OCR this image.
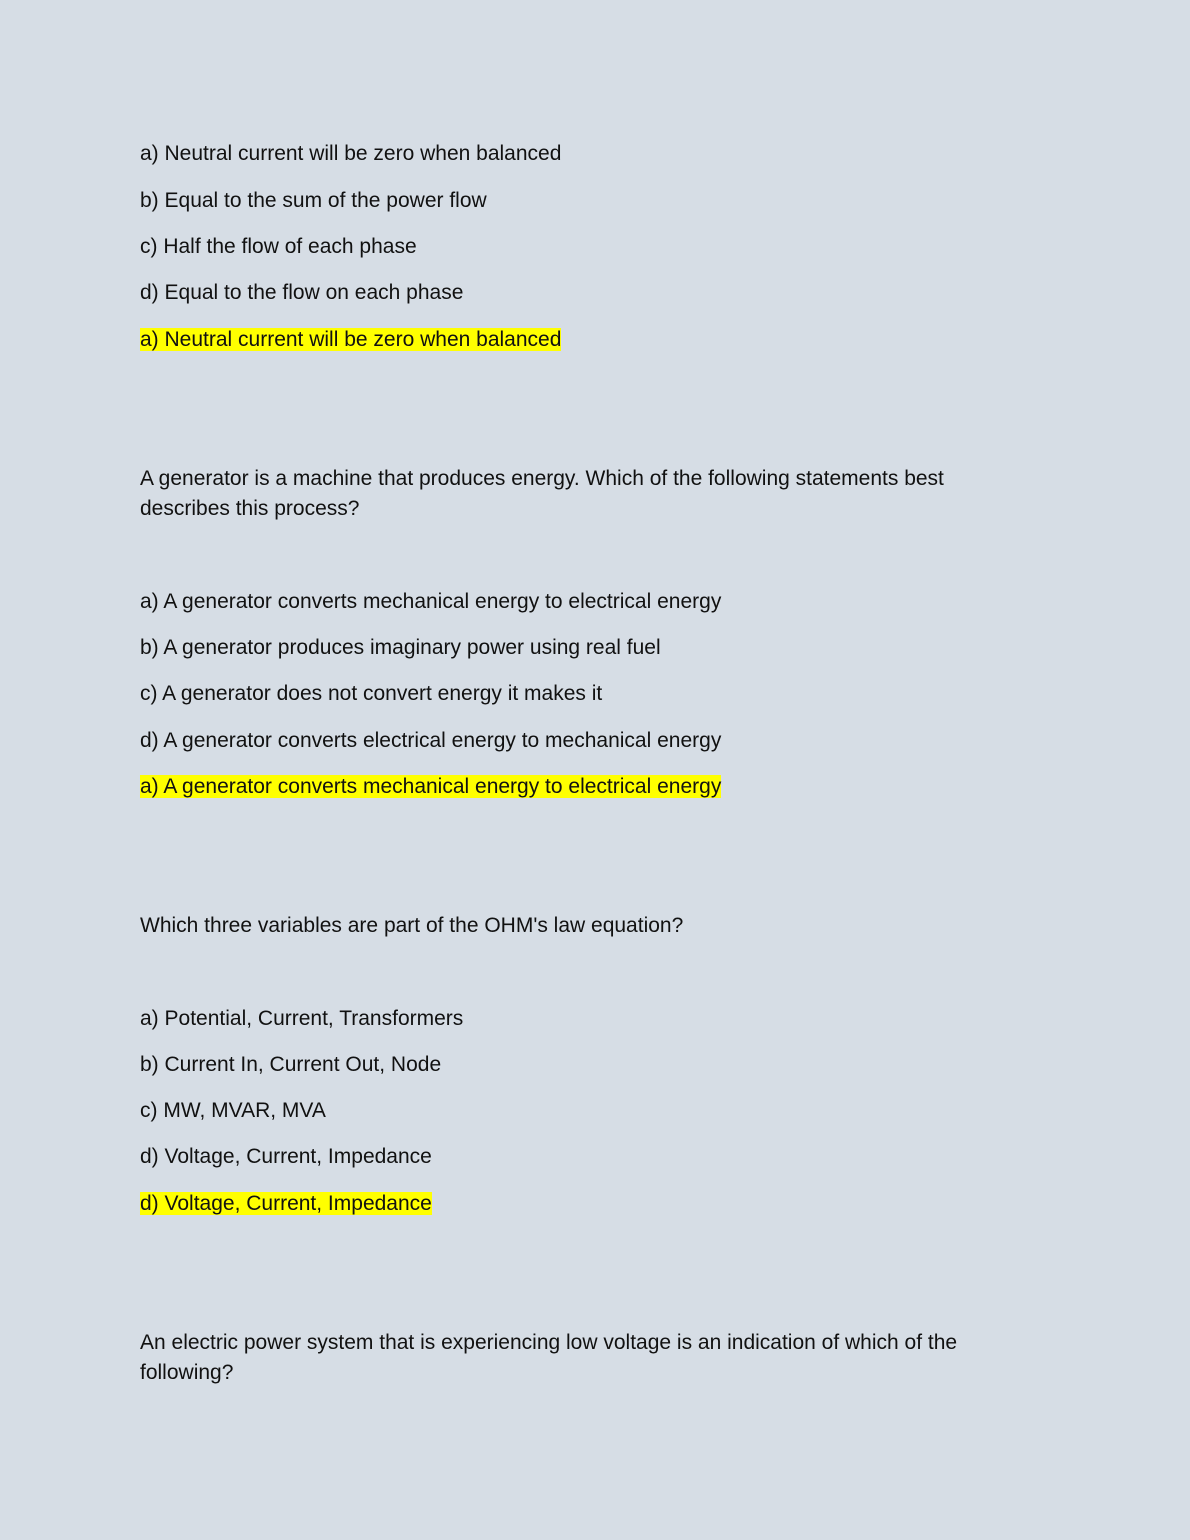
a) Neutral current will be zero when balanced
b) Equal to the sum of the power flow
c) Half the flow of each phase
d) Equal to the flow on each phase
a) Neutral current will be zero when balanced
A generator is a machine that produces energy. Which of the following statements best describes this process?
a) A generator converts mechanical energy to electrical energy
b) A generator produces imaginary power using real fuel
c) A generator does not convert energy it makes it
d) A generator converts electrical energy to mechanical energy
a) A generator converts mechanical energy to electrical energy
Which three variables are part of the OHM's law equation?
a) Potential, Current, Transformers
b) Current In, Current Out, Node
c) MW, MVAR, MVA
d) Voltage, Current, Impedance
d) Voltage, Current, Impedance
An electric power system that is experiencing low voltage is an indication of which of the following?
